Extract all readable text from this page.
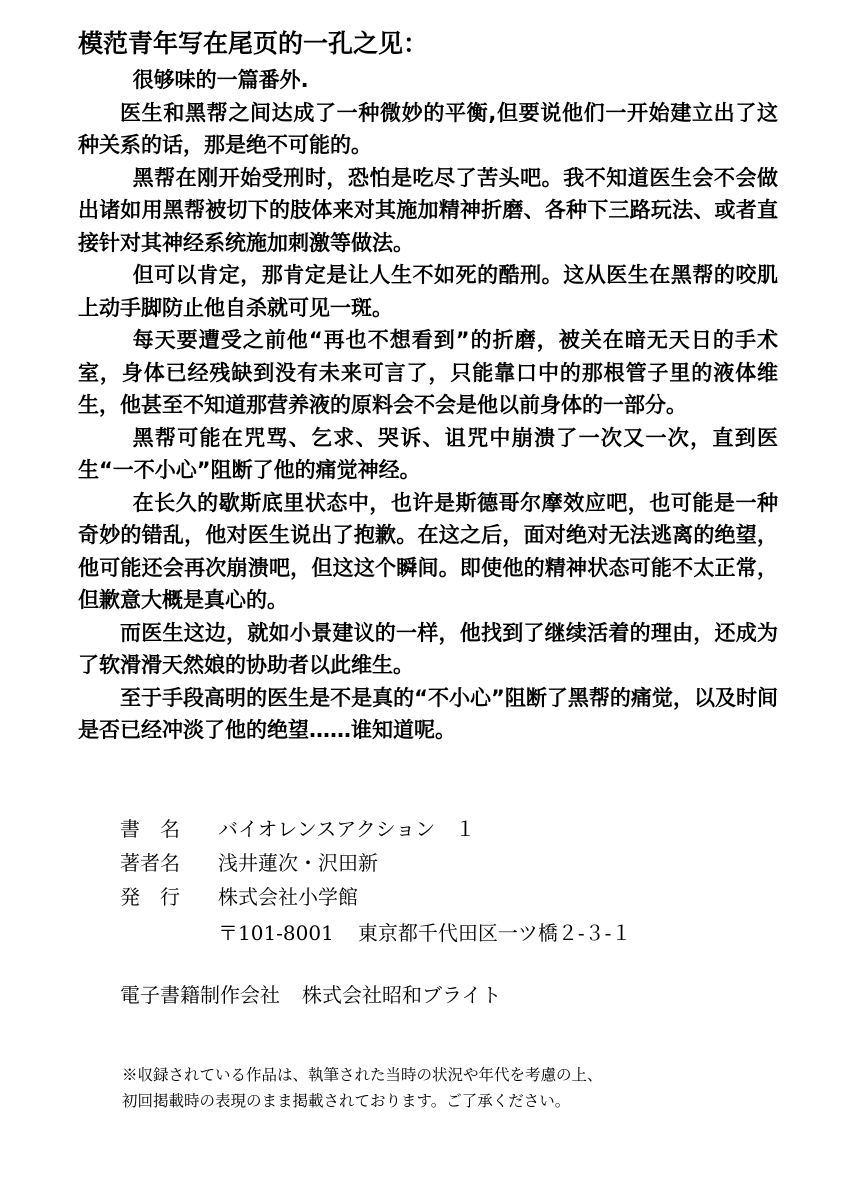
模范青年写在尾页的一孔之见：

很够味的一篇番外.

医生和黑帮之间达成了一种微妙的平衡,但要说他们一开始建立出了这种关系的话，那是绝不可能的。

黑帮在刚开始受刑时，恐怕是吃尽了苦头吧。我不知道医生会不会做出诸如用黑帮被切下的肢体来对其施加精神折磨、各种下三路玩法、或者直接针对其神经系统施加刺激等做法。

但可以肯定，那肯定是让人生不如死的酷刑。这从医生在黑帮的咬肌上动手脚防止他自杀就可见一斑。

每天要遭受之前他“再也不想看到”的折磨，被关在暗无天日的手术室，身体已经残缺到没有未来可言了，只能靠口中的那根管子里的液体维生，他甚至不知道那营养液的原料会不会是他以前身体的一部分。

黑帮可能在咒骂、乞求、哭诉、诅咒中崩溃了一次又一次，直到医生“一不小心”阻断了他的痛觉神经。

在长久的歇斯底里状态中，也许是斯德哥尔摩效应吧，也可能是一种奇妙的错乱，他对医生说出了抱歉。在这之后，面对绝对无法逃离的绝望，他可能还会再次崩溃吧，但这这个瞬间。即使他的精神状态可能不太正常，但歉意大概是真心的。

而医生这边，就如小景建议的一样，他找到了继续活着的理由，还成为了软滑滑天然娘的协助者以此维生。

至于手段高明的医生是不是真的“不小心”阻断了黑帮的痛觉，以及时间是否已经冲淡了他的绝望……谁知道呢。

書　名	バイオレンスアクション　１
著者名	浅井蓮次・沢田新
発　行	株式会社小学館
〒101‐8001 東京都千代田区一ツ橋２‐３‐１
電子書籍制作会社 株式会社昭和ブライト
※収録されている作品は、執筆された当時の状況や年代を考慮の上、
初回掲載時の表現のまま掲載されております。ご了承ください。
